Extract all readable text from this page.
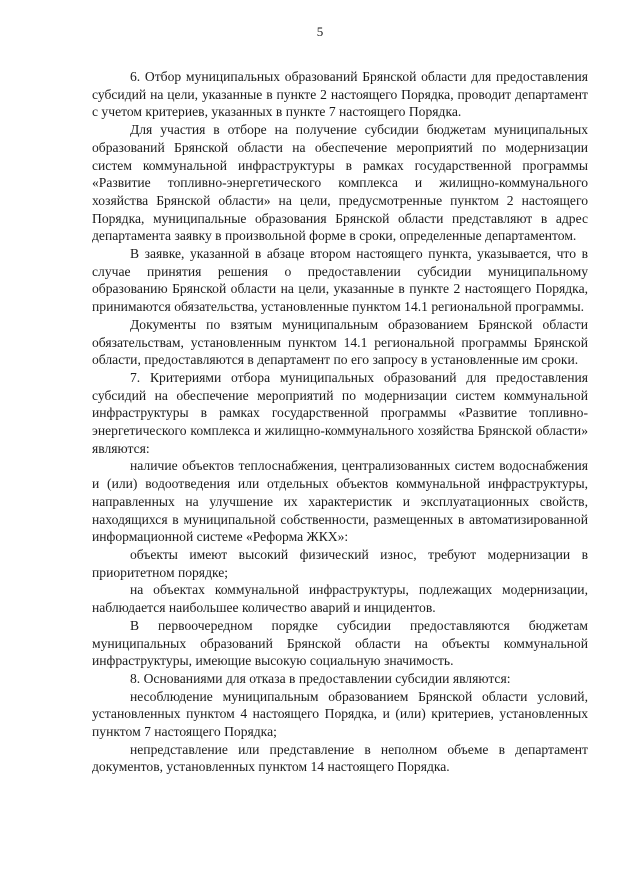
5

6. Отбор муниципальных образований Брянской области для предоставления субсидий на цели, указанные в пункте 2 настоящего Порядка, проводит департамент с учетом критериев, указанных в пункте 7 настоящего Порядка.

Для участия в отборе на получение субсидии бюджетам муниципальных образований Брянской области на обеспечение мероприятий по модернизации систем коммунальной инфраструктуры в рамках государственной программы «Развитие топливно-энергетического комплекса и жилищно-коммунального хозяйства Брянской области» на цели, предусмотренные пунктом 2 настоящего Порядка, муниципальные образования Брянской области представляют в адрес департамента заявку в произвольной форме в сроки, определенные департаментом.

В заявке, указанной в абзаце втором настоящего пункта, указывается, что в случае принятия решения о предоставлении субсидии муниципальному образованию Брянской области на цели, указанные в пункте 2 настоящего Порядка, принимаются обязательства, установленные пунктом 14.1 региональной программы.

Документы по взятым муниципальным образованием Брянской области обязательствам, установленным пунктом 14.1 региональной программы Брянской области, предоставляются в департамент по его запросу в установленные им сроки.

7. Критериями отбора муниципальных образований для предоставления субсидий на обеспечение мероприятий по модернизации систем коммунальной инфраструктуры в рамках государственной программы «Развитие топливно-энергетического комплекса и жилищно-коммунального хозяйства Брянской области» являются:

наличие объектов теплоснабжения, централизованных систем водоснабжения и (или) водоотведения или отдельных объектов коммунальной инфраструктуры, направленных на улучшение их характеристик и эксплуатационных свойств, находящихся в муниципальной собственности, размещенных в автоматизированной информационной системе «Реформа ЖКХ»:

объекты имеют высокий физический износ, требуют модернизации в приоритетном порядке;

на объектах коммунальной инфраструктуры, подлежащих модернизации, наблюдается наибольшее количество аварий и инцидентов.

В первоочередном порядке субсидии предоставляются бюджетам муниципальных образований Брянской области на объекты коммунальной инфраструктуры, имеющие высокую социальную значимость.

8. Основаниями для отказа в предоставлении субсидии являются:

несоблюдение муниципальным образованием Брянской области условий, установленных пунктом 4 настоящего Порядка, и (или) критериев, установленных пунктом 7 настоящего Порядка;

непредставление или представление в неполном объеме в департамент документов, установленных пунктом 14 настоящего Порядка.
